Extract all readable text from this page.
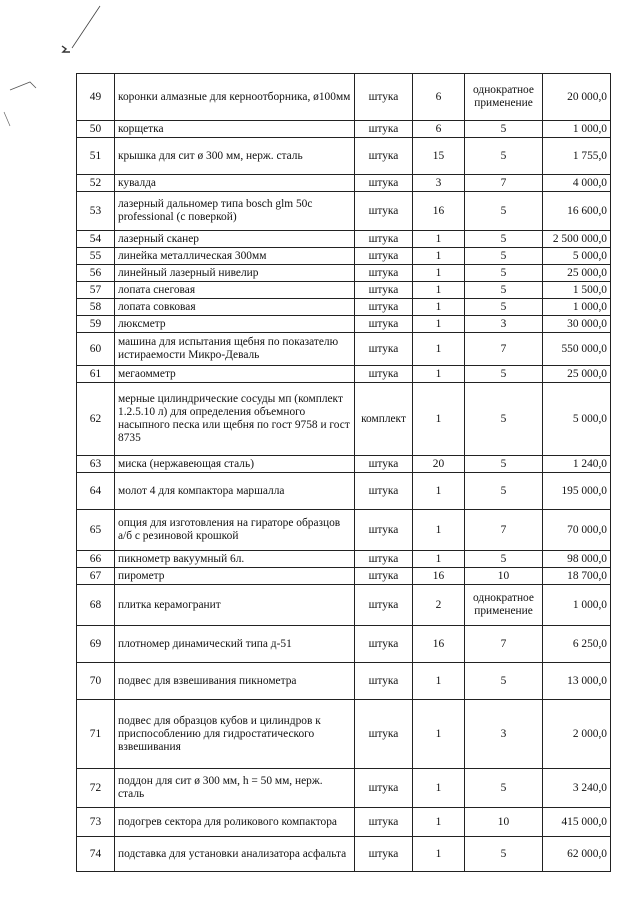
49	коронки алмазные для керноотборника, ø100мм	штука	6	однократное применение	20 000,0
50	корщетка	штука	6	5	1 000,0
51	крышка для сит ø 300 мм, нерж. сталь	штука	15	5	1 755,0
52	кувалда	штука	3	7	4 000,0
53	лазерный дальномер типа bosch glm 50c professional (с поверкой)	штука	16	5	16 600,0
54	лазерный сканер	штука	1	5	2 500 000,0
55	линейка металлическая 300мм	штука	1	5	5 000,0
56	линейный лазерный нивелир	штука	1	5	25 000,0
57	лопата снеговая	штука	1	5	1 500,0
58	лопата совковая	штука	1	5	1 000,0
59	люксметр	штука	1	3	30 000,0
60	машина для испытания щебня по показателю истираемости Микро-Деваль	штука	1	7	550 000,0
61	мегаомметр	штука	1	5	25 000,0
62	мерные цилиндрические сосуды мп (комплект 1.2.5.10 л) для определения объемного насыпного песка или щебня по гост 9758 и гост 8735	комплект	1	5	5 000,0
63	миска (нержавеющая сталь)	штука	20	5	1 240,0
64	молот 4 для компактора маршалла	штука	1	5	195 000,0
65	опция для изготовления на гираторе образцов а/б с резиновой крошкой	штука	1	7	70 000,0
66	пикнометр вакуумный 6л.	штука	1	5	98 000,0
67	пирометр	штука	16	10	18 700,0
68	плитка керамогранит	штука	2	однократное применение	1 000,0
69	плотномер динамический типа д-51	штука	16	7	6 250,0
70	подвес для взвешивания пикнометра	штука	1	5	13 000,0
71	подвес для образцов кубов и цилиндров к приспособлению для гидростатического взвешивания	штука	1	3	2 000,0
72	поддон для сит ø 300 мм, h = 50 мм, нерж. сталь	штука	1	5	3 240,0
73	подогрев сектора для роликового компактора	штука	1	10	415 000,0
74	подставка для установки анализатора асфальта	штука	1	5	62 000,0
